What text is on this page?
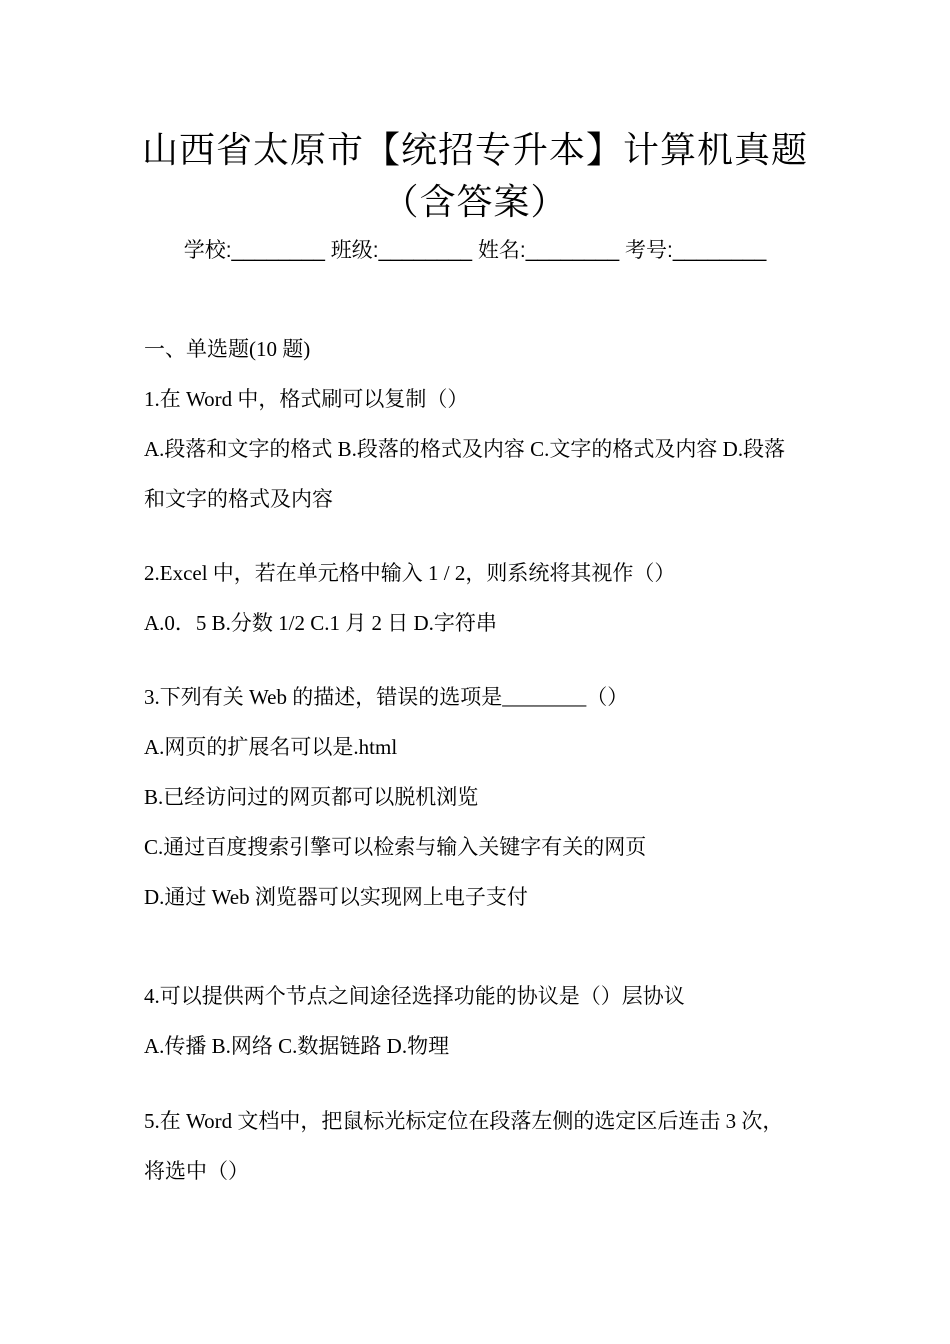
山西省太原市【统招专升本】计算机真题
（含答案）
学校:________ 班级:________ 姓名:________ 考号:________
一、单选题(10 题)
1.在 Word 中，格式刷可以复制（）
A.段落和文字的格式 B.段落的格式及内容 C.文字的格式及内容 D.段落
和文字的格式及内容
2.Excel 中，若在单元格中输入 1 / 2，则系统将其视作（）
A.0．5 B.分数 1/2 C.1 月 2 日 D.字符串
3.下列有关 Web 的描述，错误的选项是________（）
A.网页的扩展名可以是.html
B.已经访问过的网页都可以脱机浏览
C.通过百度搜索引擎可以检索与输入关键字有关的网页
D.通过 Web 浏览器可以实现网上电子支付
4.可以提供两个节点之间途径选择功能的协议是（）层协议
A.传播 B.网络 C.数据链路 D.物理
5.在 Word 文档中，把鼠标光标定位在段落左侧的选定区后连击 3 次，
将选中（）
